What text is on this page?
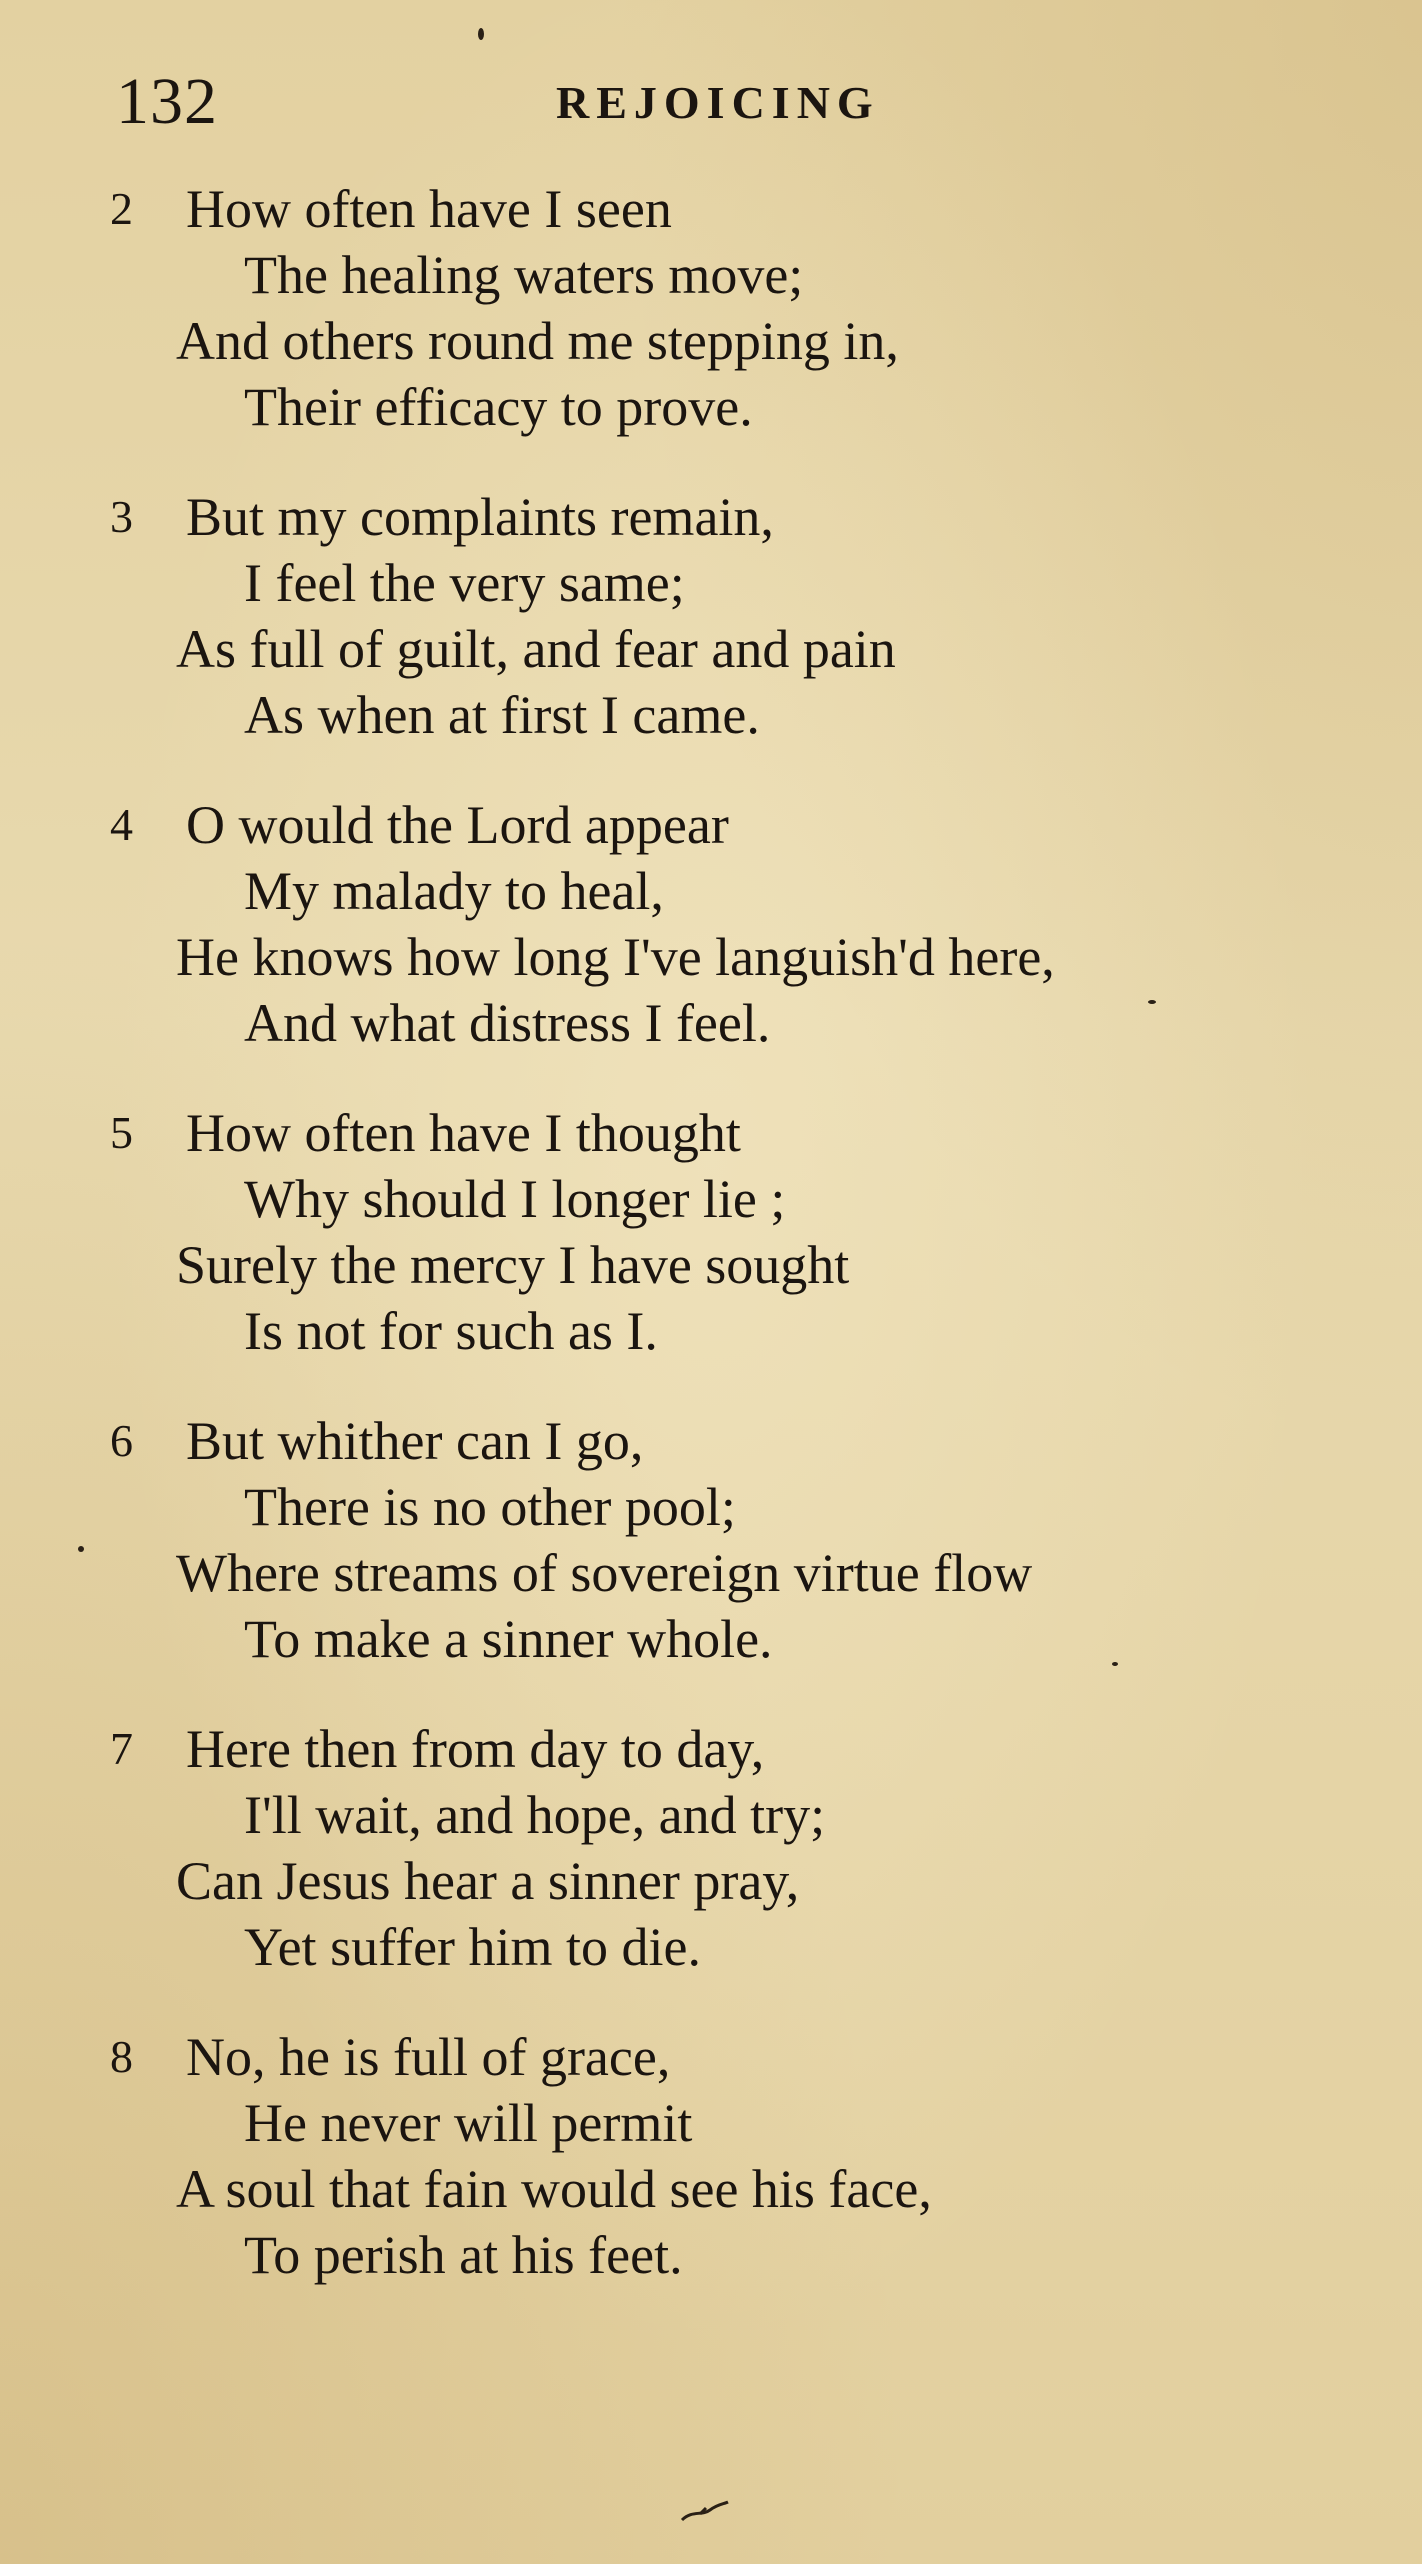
132	REJOICING
2 How often have I seen
The healing waters move;
And others round me stepping in,
Their efficacy to prove.
3 But my complaints remain,
I feel the very same;
As full of guilt, and fear and pain
As when at first I came.
4 O would the Lord appear
My malady to heal,
He knows how long I've languish'd here,
And what distress I feel.
5 How often have I thought
Why should I longer lie ;
Surely the mercy I have sought
Is not for such as I.
6 But whither can I go,
There is no other pool;
Where streams of sovereign virtue flow
To make a sinner whole.
7 Here then from day to day,
I'll wait, and hope, and try;
Can Jesus hear a sinner pray,
Yet suffer him to die.
8 No, he is full of grace,
He never will permit
A soul that fain would see his face,
To perish at his feet.
